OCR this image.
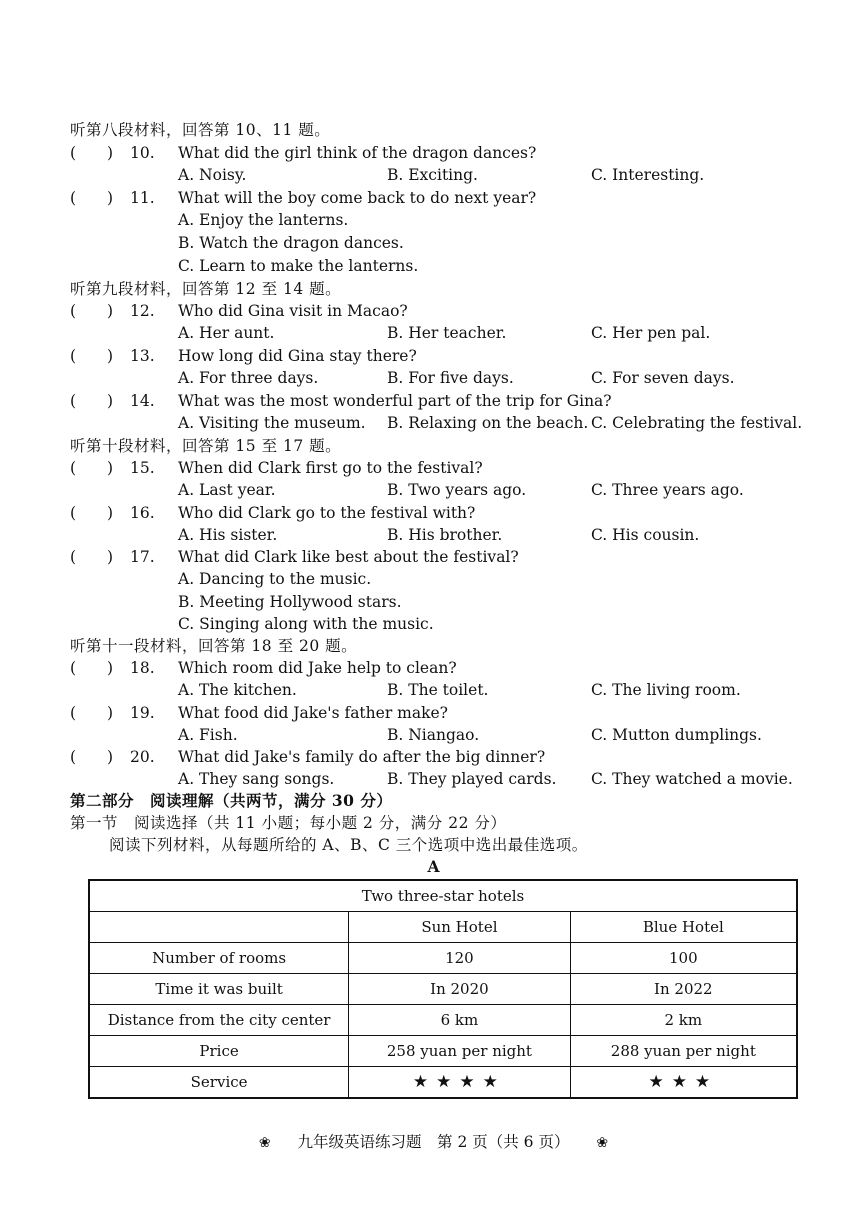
听第八段材料，回答第 10、11 题。
(　　)	10.	What did the girl think of the dragon dances?
A. Noisy.	B. Exciting.	C. Interesting.
(　　)	11.	What will the boy come back to do next year?
A. Enjoy the lanterns.
B. Watch the dragon dances.
C. Learn to make the lanterns.
听第九段材料，回答第 12 至 14 题。
(　　)	12.	Who did Gina visit in Macao?
A. Her aunt.	B. Her teacher.	C. Her pen pal.
(　　)	13.	How long did Gina stay there?
A. For three days.	B. For five days.	C. For seven days.
(　　)	14.	What was the most wonderful part of the trip for Gina?
A. Visiting the museum. B. Relaxing on the beach. C. Celebrating the festival.
听第十段材料，回答第 15 至 17 题。
(　　)	15.	When did Clark first go to the festival?
A. Last year.	B. Two years ago.	C. Three years ago.
(　　)	16.	Who did Clark go to the festival with?
A. His sister.	B. His brother.	C. His cousin.
(　　)	17.	What did Clark like best about the festival?
A. Dancing to the music.
B. Meeting Hollywood stars.
C. Singing along with the music.
听第十一段材料，回答第 18 至 20 题。
(　　)	18.	Which room did Jake help to clean?
A. The kitchen.	B. The toilet.	C. The living room.
(　　)	19.	What food did Jake's father make?
A. Fish.	B. Niangao.	C. Mutton dumplings.
(　　)	20.	What did Jake's family do after the big dinner?
A. They sang songs.	B. They played cards. C. They watched a movie.
第二部分　阅读理解（共两节，满分 30 分）
第一节　阅读选择（共 11 小题；每小题 2 分，满分 22 分）
阅读下列材料，从每题所给的 A、B、C 三个选项中选出最佳选项。
A
Two three-star hotels		
	Sun Hotel	Blue Hotel
Number of rooms	120	100
Time it was built	In 2020	In 2022
Distance from the city center	6 km	2 km
Price	258 yuan per night	288 yuan per night
Service	★★★★	★★★
❀ 九年级英语练习题　第 2 页（共 6 页） ❀
